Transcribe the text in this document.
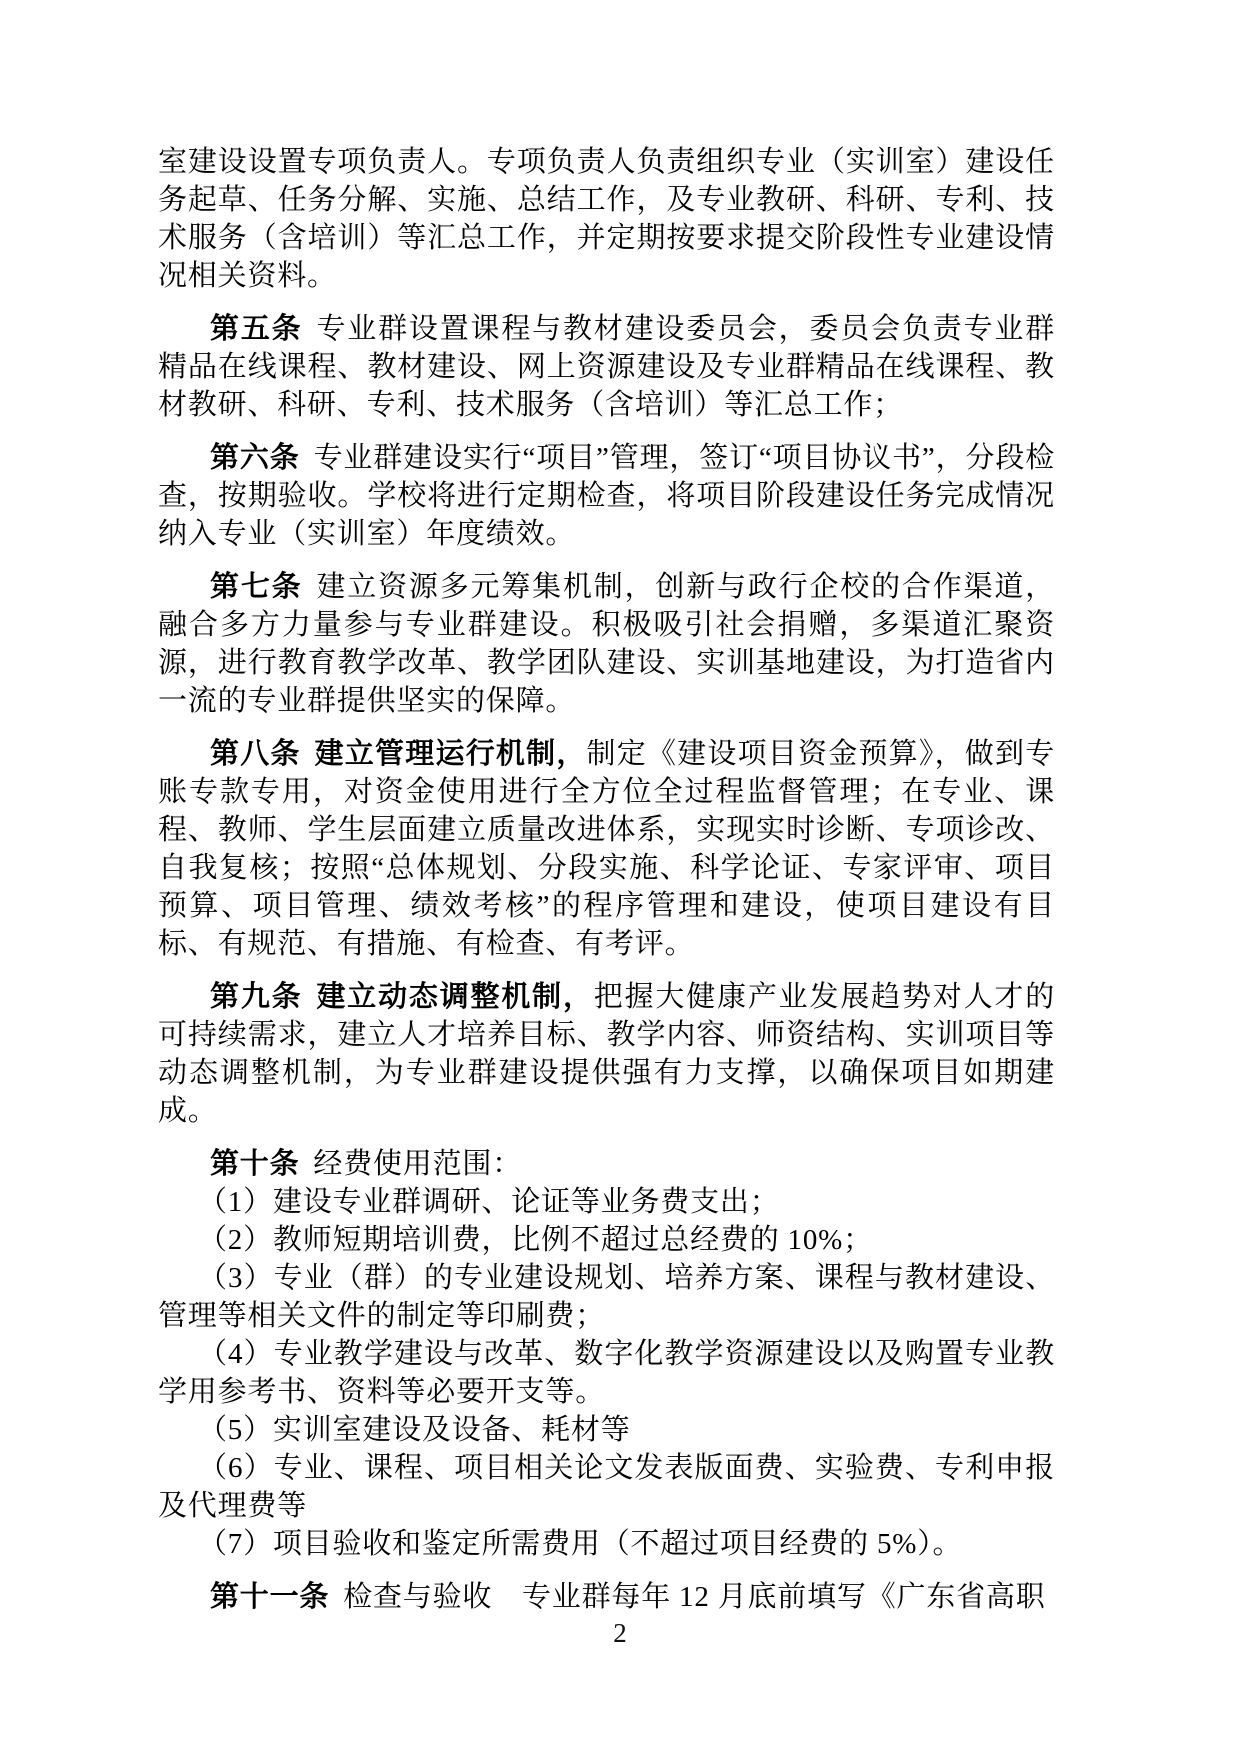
室建设设置专项负责人。专项负责人负责组织专业（实训室）建设任务起草、任务分解、实施、总结工作，及专业教研、科研、专利、技术服务（含培训）等汇总工作，并定期按要求提交阶段性专业建设情况相关资料。

第五条 专业群设置课程与教材建设委员会，委员会负责专业群精品在线课程、教材建设、网上资源建设及专业群精品在线课程、教材教研、科研、专利、技术服务（含培训）等汇总工作；

第六条 专业群建设实行“项目”管理，签订“项目协议书”，分段检查，按期验收。学校将进行定期检查，将项目阶段建设任务完成情况纳入专业（实训室）年度绩效。

第七条 建立资源多元筹集机制，创新与政行企校的合作渠道，融合多方力量参与专业群建设。积极吸引社会捐赠，多渠道汇聚资源，进行教育教学改革、教学团队建设、实训基地建设，为打造省内一流的专业群提供坚实的保障。

第八条 建立管理运行机制，制定《建设项目资金预算》，做到专账专款专用，对资金使用进行全方位全过程监督管理；在专业、课程、教师、学生层面建立质量改进体系，实现实时诊断、专项诊改、自我复核；按照“总体规划、分段实施、科学论证、专家评审、项目预算、项目管理、绩效考核”的程序管理和建设，使项目建设有目标、有规范、有措施、有检查、有考评。

第九条 建立动态调整机制，把握大健康产业发展趋势对人才的可持续需求，建立人才培养目标、教学内容、师资结构、实训项目等动态调整机制，为专业群建设提供强有力支撑，以确保项目如期建成。

第十条 经费使用范围：

（1）建设专业群调研、论证等业务费支出；

（2）教师短期培训费，比例不超过总经费的 10%；

（3）专业（群）的专业建设规划、培养方案、课程与教材建设、管理等相关文件的制定等印刷费；

（4）专业教学建设与改革、数字化教学资源建设以及购置专业教学用参考书、资料等必要开支等。

（5）实训室建设及设备、耗材等

（6）专业、课程、项目相关论文发表版面费、实验费、专利申报及代理费等

（7）项目验收和鉴定所需费用（不超过项目经费的 5%）。

第十一条 检查与验收　专业群每年 12 月底前填写《广东省高职

2
